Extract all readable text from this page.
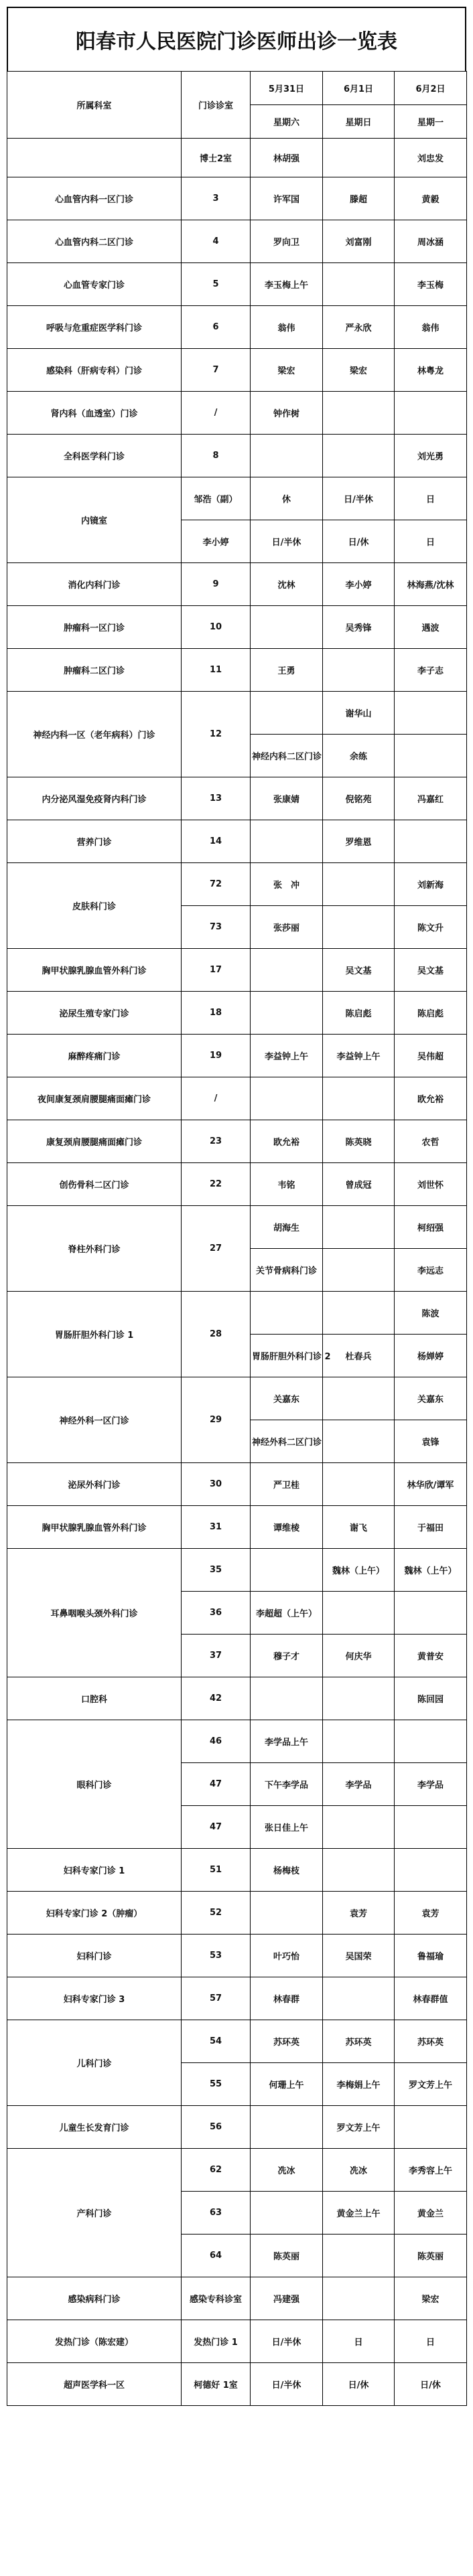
阳春市人民医院门诊医师出诊一览表
所属科室	门诊诊室	5月31日	6月1日	6月2日	
		星期六	星期日	星期一	
	博士2室	林胡强		刘忠发	
心血管内科一区门诊	3	许军国	滕超	黄毅	
心血管内科二区门诊	4	罗向卫	刘富刚	周冰涵	
心血管专家门诊	5	李玉梅上午		李玉梅	
呼吸与危重症医学科门诊	6	翁伟	严永欣	翁伟	
感染科（肝病专科）门诊	7	梁宏	梁宏	林粤龙	
肾内科（血透室）门诊	/	钟作树			
全科医学科门诊	8			刘光勇	
内镜室	邹浩（副）	休	日/半休	日	
	李小婷	日/半休	日/休	日	
消化内科门诊	9	沈林	李小婷	林海燕/沈林	
肿瘤科一区门诊	10		吴秀锋	遇波	
肿瘤科二区门诊	11	王勇		李子志	
神经内科一区（老年病科）门诊	12		谢华山		
		神经内科二区门诊	余练		
内分泌风湿免疫肾内科门诊	13	张康婧	倪铭苑	冯嘉红	
营养门诊	14		罗维恩		
皮肤科门诊	72	张　冲		刘新海	
	73	张莎丽		陈文升	
胸甲状腺乳腺血管外科门诊	17		吴文基	吴文基	
泌尿生殖专家门诊	18		陈启彪	陈启彪	
麻醉疼痛门诊	19	李益钟上午	李益钟上午	吴伟超	
夜间康复颈肩腰腿痛面瘫门诊	/			欧允裕	
康复颈肩腰腿痛面瘫门诊	23	欧允裕	陈英晓	农哲	
创伤骨科二区门诊	22	韦铭	曾成冠	刘世怀	
脊柱外科门诊	27	胡海生		柯绍强	
		关节骨病科门诊		李远志	
胃肠肝胆外科门诊 1	28			陈波	
		胃肠肝胆外科门诊 2	杜春兵	杨婵婷	
神经外科一区门诊	29	关嘉东		关嘉东	
		神经外科二区门诊		袁锋	
泌尿外科门诊	30	严卫桂		林华欣/谭军	
胸甲状腺乳腺血管外科门诊	31	谭维棱	谢飞	于福田	
耳鼻咽喉头颈外科门诊	35		魏林（上午）	魏林（上午）	
	36	李超超（上午）			
	37	穆子才	何庆华	黄普安	
口腔科	42			陈回园	
眼科门诊	46	李学品上午			
	47	下午李学品	李学品	李学品	
	47	张日佳上午			
妇科专家门诊 1	51	杨梅枝			
妇科专家门诊 2（肿瘤）	52		袁芳	袁芳	
妇科门诊	53	叶巧怡	吴国荣	鲁福瑜	
妇科专家门诊 3	57	林春群		林春群值	
儿科门诊	54	苏环英	苏环英	苏环英	
	55	何珊上午	李梅娟上午	罗文芳上午	
儿童生长发育门诊	56		罗文芳上午		
产科门诊	62	冼冰	冼冰	李秀容上午	
	63		黄金兰上午	黄金兰	
	64	陈英丽		陈英丽	
感染病科门诊	感染专科诊室	冯建强		梁宏	
发热门诊（陈宏建）	发热门诊 1	日/半休	日	日	
超声医学科一区	柯德好 1室	日/半休	日/休	日/休	
